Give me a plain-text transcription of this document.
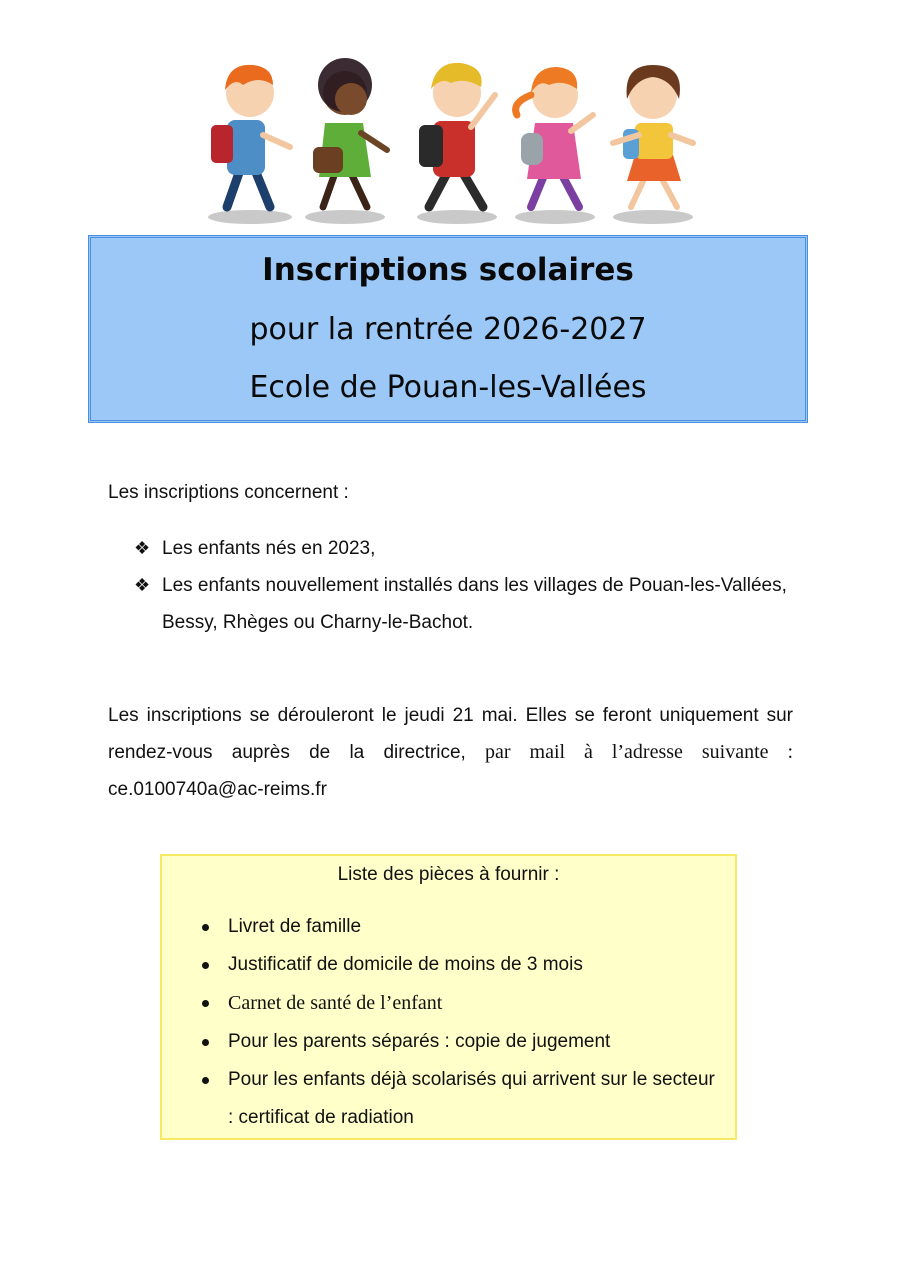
Inscriptions scolaires
pour la rentrée 2026-2027
Ecole de Pouan-les-Vallées
Les inscriptions concernent :
❖ Les enfants nés en 2023,
❖ Les enfants nouvellement installés dans les villages de Pouan-les-Vallées, Bessy, Rhèges ou Charny-le-Bachot.
Les inscriptions se dérouleront le jeudi 21 mai. Elles se feront uniquement sur rendez-vous auprès de la directrice, par mail à l’adresse suivante : ce.0100740a@ac-reims.fr
Liste des pièces à fournir :
Livret de famille
Justificatif de domicile de moins de 3 mois
Carnet de santé de l’enfant
Pour les parents séparés : copie de jugement
Pour les enfants déjà scolarisés qui arrivent sur le secteur : certificat de radiation
